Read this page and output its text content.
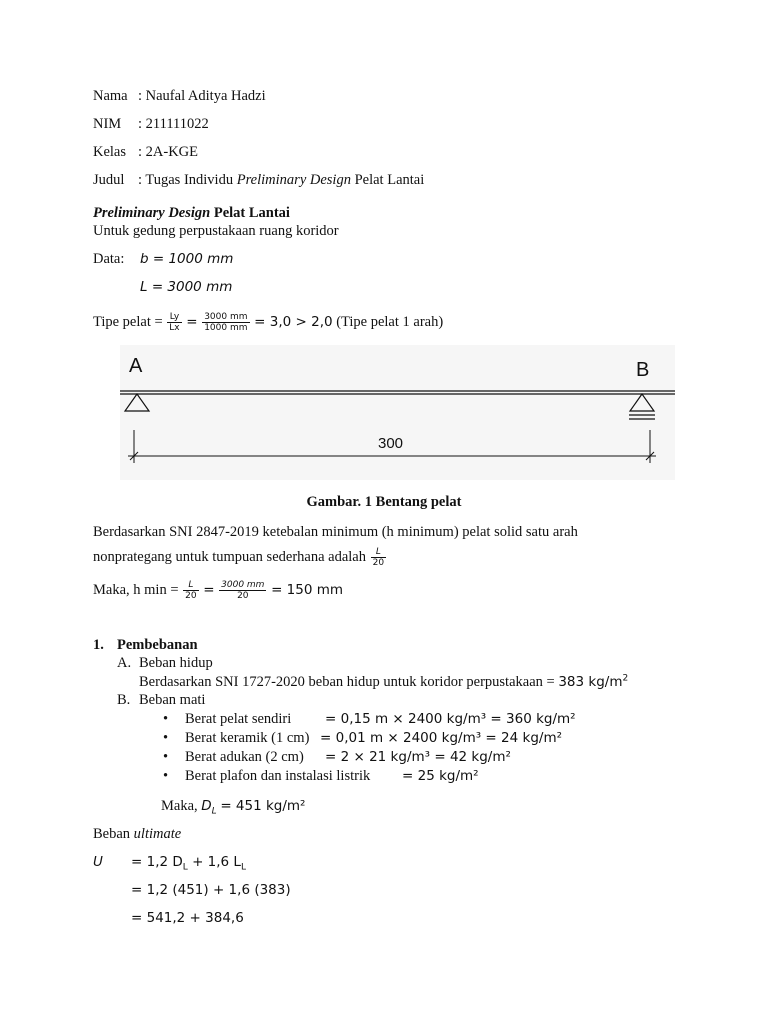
Nama : Naufal Aditya Hadzi
NIM : 211111022
Kelas : 2A-KGE
Judul : Tugas Individu Preliminary Design Pelat Lantai
Preliminary Design Pelat Lantai
Untuk gedung perpustakaan ruang koridor
Data: b = 1000 mm
L = 3000 mm
Tipe pelat = $\frac{Ly}{Lx} = \frac{3000 mm}{1000 mm} = 3,0 > 2,0$ (Tipe pelat 1 arah)
A	B
300
Gambar. 1 Bentang pelat
Berdasarkan SNI 2847-2019 ketebalan minimum (h minimum) pelat solid satu arah
nonprategang untuk tumpuan sederhana adalah $\frac{L}{20}$
Maka, h $\min = \frac{L}{20} = \frac{3000 mm}{20} = 150$ mm
1. Pembebanan
A. Beban hidup
Berdasarkan SNI 1727-2020 beban hidup untuk koridor perpustakaan = 383 $kg/m^2$
B. Beban mati
• Berat pelat sendiri = 0,15 m × 2400 kg/m³ = 360 kg/m²
• Berat keramik (1 cm) = 0,01 m × 2400 kg/m³ = 24 kg/m²
• Berat adukan (2 cm) = 2 × 21 kg/m³ = 42 kg/m²
• Berat plafon dan instalasi listrik = 25 kg/m²
Maka, $D_L = 451$ kg/m²
Beban ultimate
U = 1,2 $D_L + 1,6$ $L_L$
= 1,2 (451) + 1,6 (383)
= 541,2 + 384,6
